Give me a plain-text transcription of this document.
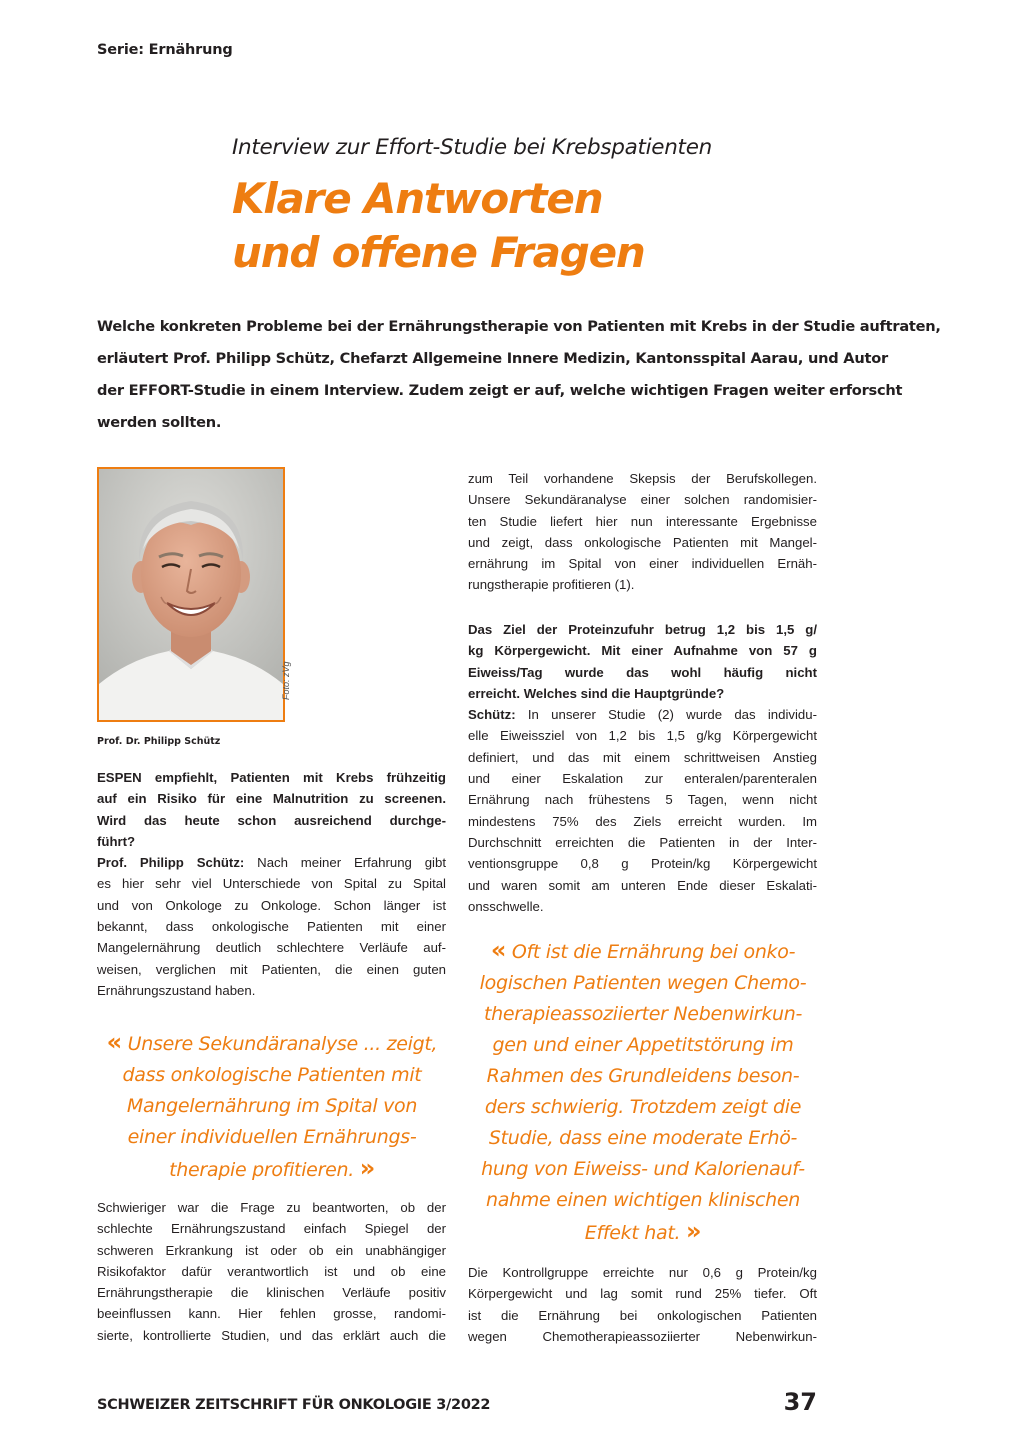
Serie: Ernährung
Interview zur Effort-Studie bei Krebspatienten
Klare Antworten
und offene Fragen
Welche konkreten Probleme bei der Ernährungstherapie von Patienten mit Krebs in der Studie auftraten,
erläutert Prof. Philipp Schütz, Chefarzt Allgemeine Innere Medizin, Kantonsspital Aarau, und Autor
der EFFORT-Studie in einem Interview. Zudem zeigt er auf, welche wichtigen Fragen weiter erforscht
werden sollten.
Foto: zVg
Prof. Dr. Philipp Schütz
ESPEN empfiehlt, Patienten mit Krebs frühzeitig
auf ein Risiko für eine Malnutrition zu screenen.
Wird das heute schon ausreichend durchge-
führt?
Prof. Philipp Schütz: Nach meiner Erfahrung gibt
es hier sehr viel Unterschiede von Spital zu Spital
und von Onkologe zu Onkologe. Schon länger ist
bekannt, dass onkologische Patienten mit einer
Mangelernährung deutlich schlechtere Verläufe auf-
weisen, verglichen mit Patienten, die einen guten
Ernährungszustand haben.
« Unsere Sekundäranalyse ... zeigt,
dass onkologische Patienten mit
Mangelernährung im Spital von
einer individuellen Ernährungs-
therapie profitieren. »
Schwieriger war die Frage zu beantworten, ob der
schlechte Ernährungszustand einfach Spiegel der
schweren Erkrankung ist oder ob ein unabhängiger
Risikofaktor dafür verantwortlich ist und ob eine
Ernährungstherapie die klinischen Verläufe positiv
beeinflussen kann. Hier fehlen grosse, randomi-
sierte, kontrollierte Studien, und das erklärt auch die
zum Teil vorhandene Skepsis der Berufskollegen.
Unsere Sekundäranalyse einer solchen randomisier-
ten Studie liefert hier nun interessante Ergebnisse
und zeigt, dass onkologische Patienten mit Mangel-
ernährung im Spital von einer individuellen Ernäh-
rungstherapie profitieren (1).
Das Ziel der Proteinzufuhr betrug 1,2 bis 1,5 g/
kg Körpergewicht. Mit einer Aufnahme von 57 g
Eiweiss/Tag wurde das wohl häufig nicht
erreicht. Welches sind die Hauptgründe?
Schütz: In unserer Studie (2) wurde das individu-
elle Eiweissziel von 1,2 bis 1,5 g/kg Körpergewicht
definiert, und das mit einem schrittweisen Anstieg
und einer Eskalation zur enteralen/parenteralen
Ernährung nach frühestens 5 Tagen, wenn nicht
mindestens 75% des Ziels erreicht wurden. Im
Durchschnitt erreichten die Patienten in der Inter-
ventionsgruppe 0,8 g Protein/kg Körpergewicht
und waren somit am unteren Ende dieser Eskalati-
onsschwelle.
« Oft ist die Ernährung bei onko-
logischen Patienten wegen Chemo-
therapieassoziierter Nebenwirkun-
gen und einer Appetitstörung im
Rahmen des Grundleidens beson-
ders schwierig. Trotzdem zeigt die
Studie, dass eine moderate Erhö-
hung von Eiweiss- und Kalorienauf-
nahme einen wichtigen klinischen
Effekt hat. »
Die Kontrollgruppe erreichte nur 0,6 g Protein/kg
Körpergewicht und lag somit rund 25% tiefer. Oft
ist die Ernährung bei onkologischen Patienten
wegen Chemotherapieassoziierter Nebenwirkun-
SCHWEIZER ZEITSCHRIFT FÜR ONKOLOGIE 3/2022	37
